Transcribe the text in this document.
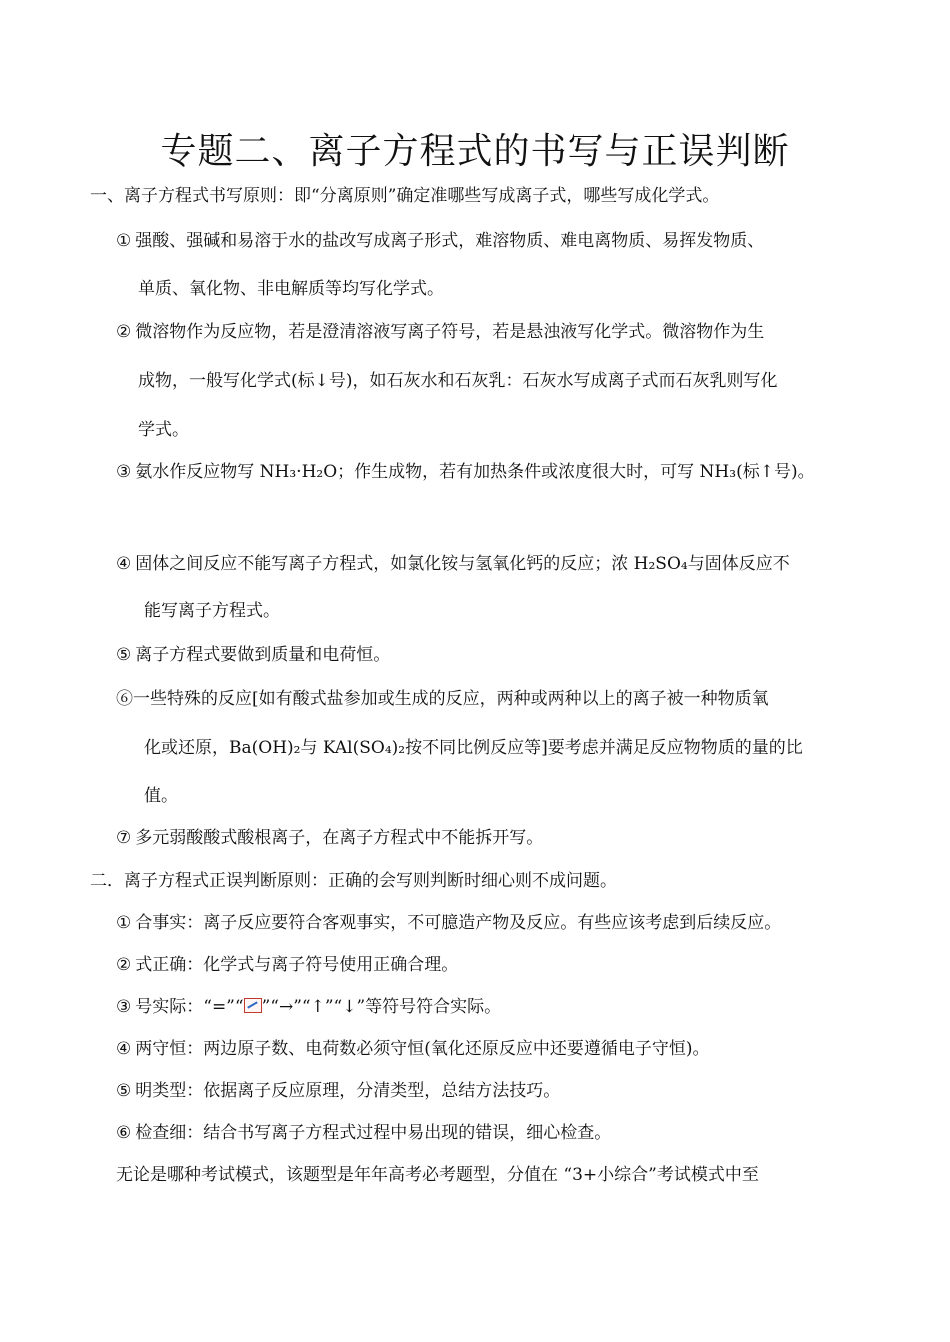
专题二、离子方程式的书写与正误判断
一、离子方程式书写原则：即“分离原则”确定准哪些写成离子式，哪些写成化学式。
① 强酸、强碱和易溶于水的盐改写成离子形式，难溶物质、难电离物质、易挥发物质、
单质、氧化物、非电解质等均写化学式。
② 微溶物作为反应物，若是澄清溶液写离子符号，若是悬浊液写化学式。微溶物作为生
成物，一般写化学式(标↓号)，如石灰水和石灰乳：石灰水写成离子式而石灰乳则写化
学式。
③ 氨水作反应物写 NH₃·H₂O；作生成物，若有加热条件或浓度很大时，可写 NH₃(标↑号)。
④ 固体之间反应不能写离子方程式，如氯化铵与氢氧化钙的反应；浓 H₂SO₄与固体反应不
能写离子方程式。
⑤ 离子方程式要做到质量和电荷恒。
⑥一些特殊的反应[如有酸式盐参加或生成的反应，两种或两种以上的离子被一种物质氧
化或还原，Ba(OH)₂与 KAl(SO₄)₂按不同比例反应等]要考虑并满足反应物物质的量的比
值。
⑦ 多元弱酸酸式酸根离子，在离子方程式中不能拆开写。
二．离子方程式正误判断原则：正确的会写则判断时细心则不成问题。
① 合事实：离子反应要符合客观事实，不可臆造产物及反应。有些应该考虑到后续反应。
② 式正确：化学式与离子符号使用正确合理。
③ 号实际：“=”“ ”“→”“↑”“↓”等符号符合实际。
④ 两守恒：两边原子数、电荷数必须守恒(氧化还原反应中还要遵循电子守恒)。
⑤ 明类型：依据离子反应原理，分清类型，总结方法技巧。
⑥ 检查细：结合书写离子方程式过程中易出现的错误，细心检查。
无论是哪种考试模式，该题型是年年高考必考题型，分值在 “3+小综合”考试模式中至
